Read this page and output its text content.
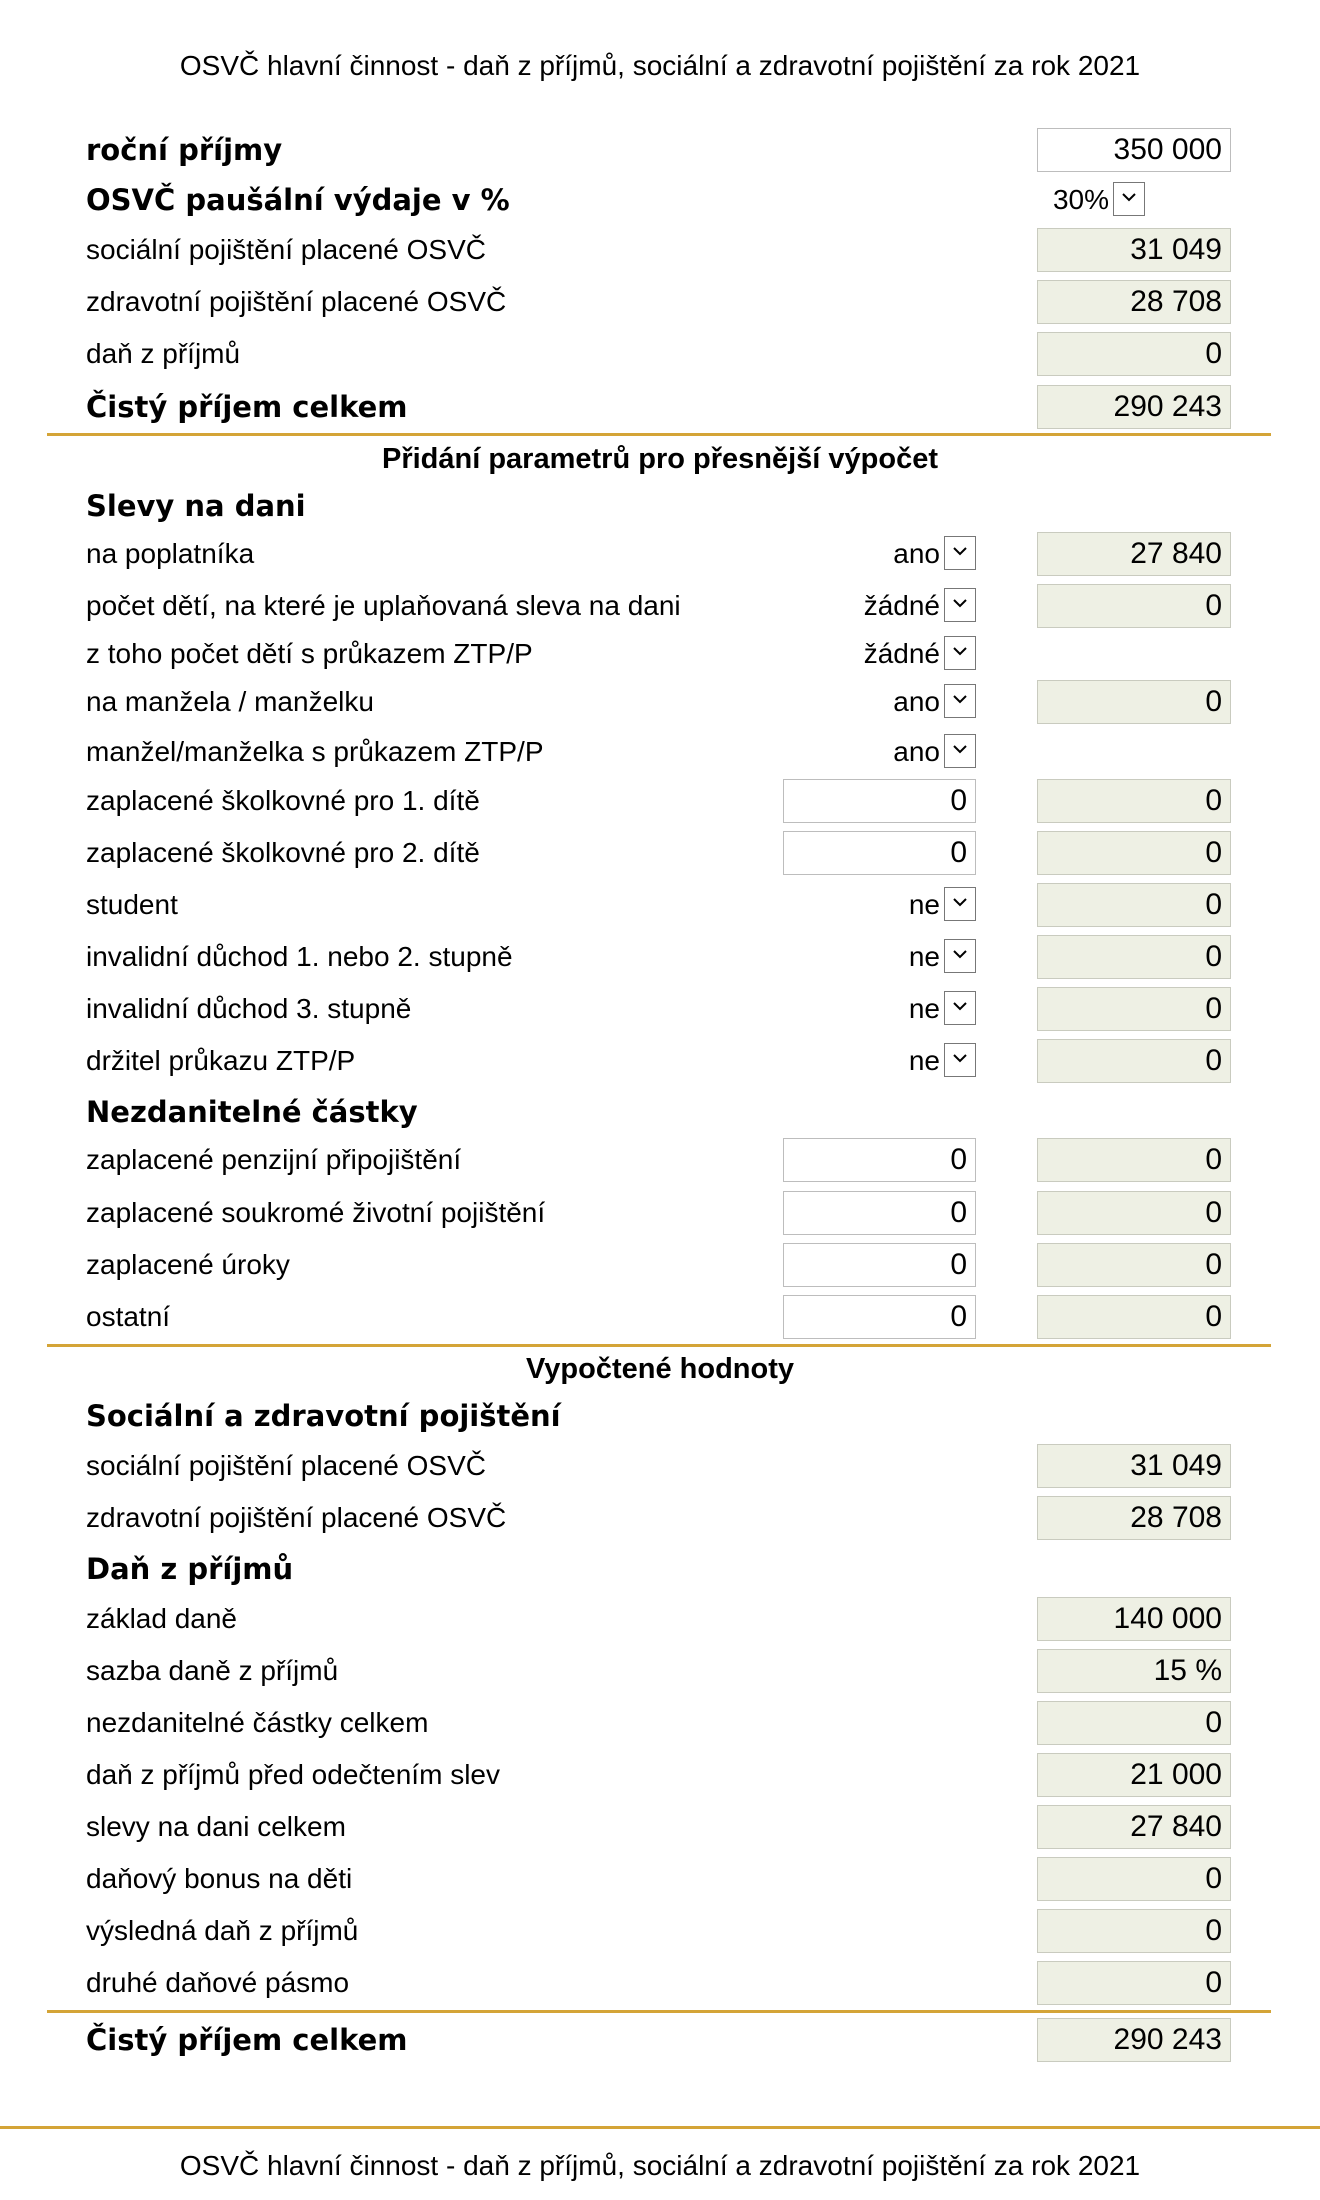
OSVČ hlavní činnost - daň z příjmů, sociální a zdravotní pojištění za rok 2021
roční příjmy	350 000
OSVČ paušální výdaje v %	30%
sociální pojištění placené OSVČ	31 049
zdravotní pojištění placené OSVČ	28 708
daň z příjmů	0
Čistý příjem celkem	290 243
Přidání parametrů pro přesnější výpočet
Slevy na dani
na poplatníka	ano	27 840
počet dětí, na které je uplaňovaná sleva na dani	žádné	0
z toho počet dětí s průkazem ZTP/P	žádné
na manžela / manželku	ano	0
manžel/manželka s průkazem ZTP/P	ano
zaplacené školkovné pro 1. dítě	0	0
zaplacené školkovné pro 2. dítě	0	0
student	ne	0
invalidní důchod 1. nebo 2. stupně	ne	0
invalidní důchod 3. stupně	ne	0
držitel průkazu ZTP/P	ne	0
Nezdanitelné částky
zaplacené penzijní připojištění	0	0
zaplacené soukromé životní pojištění	0	0
zaplacené úroky	0	0
ostatní	0	0
Vypočtené hodnoty
Sociální a zdravotní pojištění
sociální pojištění placené OSVČ	31 049
zdravotní pojištění placené OSVČ	28 708
Daň z příjmů
základ daně	140 000
sazba daně z příjmů	15 %
nezdanitelné částky celkem	0
daň z příjmů před odečtením slev	21 000
slevy na dani celkem	27 840
daňový bonus na děti	0
výsledná daň z příjmů	0
druhé daňové pásmo	0
Čistý příjem celkem	290 243
OSVČ hlavní činnost - daň z příjmů, sociální a zdravotní pojištění za rok 2021
